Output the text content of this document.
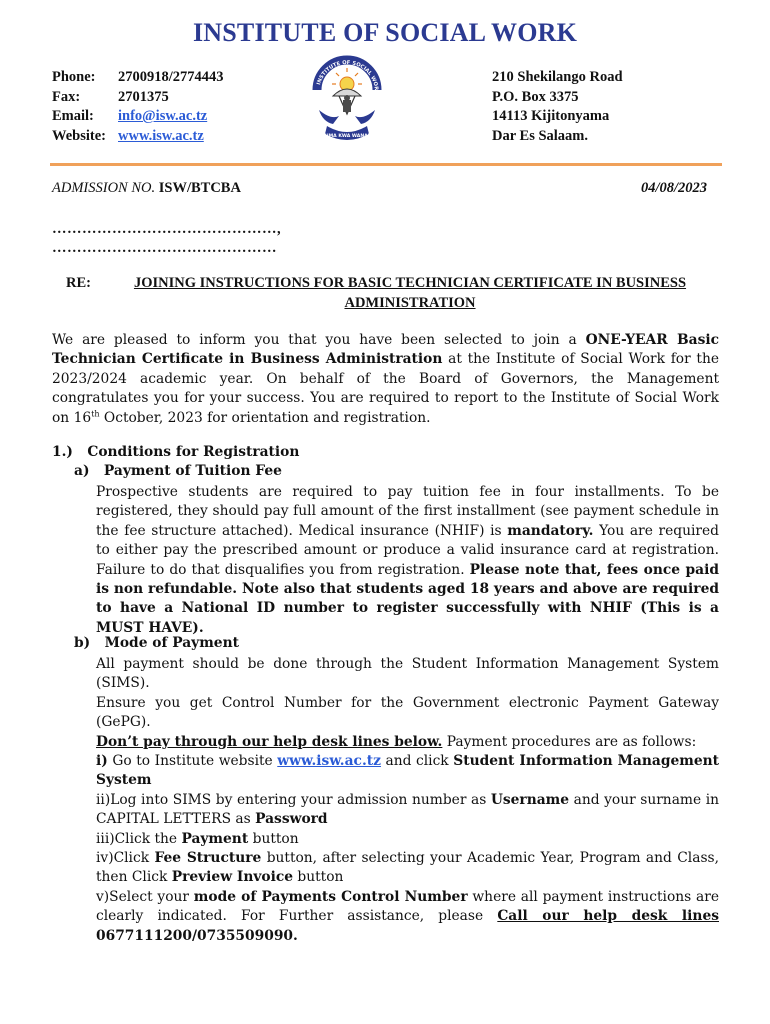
INSTITUTE OF SOCIAL WORK
Phone:	2700918/2774443
Fax:	2701375
Email:	info@isw.ac.tz
Website: www.isw.ac.tz
INSTITUTE OF SOCIAL WOR
HUDUMA KWA WANANCHI
210 Shekilango Road
P.O. Box 3375
14113 Kijitonyama
Dar Es Salaam.
ADMISSION NO. ISW/BTCBA	04/08/2023
………………………………………,
………………………………………
RE:	JOINING INSTRUCTIONS FOR BASIC TECHNICIAN CERTIFICATE IN BUSINESS ADMINISTRATION
We are pleased to inform you that you have been selected to join a ONE-YEAR Basic Technician Certificate in Business Administration at the Institute of Social Work for the 2023/2024 academic year. On behalf of the Board of Governors, the Management congratulates you for your success. You are required to report to the Institute of Social Work on 16th October, 2023 for orientation and registration.
1.)   Conditions for Registration
a)   Payment of Tuition Fee
Prospective students are required to pay tuition fee in four installments. To be registered, they should pay full amount of the first installment (see payment schedule in the fee structure attached). Medical insurance (NHIF) is mandatory. You are required to either pay the prescribed amount or produce a valid insurance card at registration. Failure to do that disqualifies you from registration. Please note that, fees once paid is non refundable. Note also that students aged 18 years and above are required to have a National ID number to register successfully with NHIF (This is a MUST HAVE).
b)   Mode of Payment
All payment should be done through the Student Information Management System (SIMS).
Ensure you get Control Number for the Government electronic Payment Gateway (GePG).
Don’t pay through our help desk lines below. Payment procedures are as follows:
i) Go to Institute website www.isw.ac.tz and click Student Information Management System
ii)Log into SIMS by entering your admission number as Username and your surname in CAPITAL LETTERS as Password
iii)Click the Payment button
iv)Click Fee Structure button, after selecting your Academic Year, Program and Class, then Click Preview Invoice button
v)Select your mode of Payments Control Number where all payment instructions are clearly indicated. For Further assistance, please Call our help desk lines 0677111200/0735509090.
